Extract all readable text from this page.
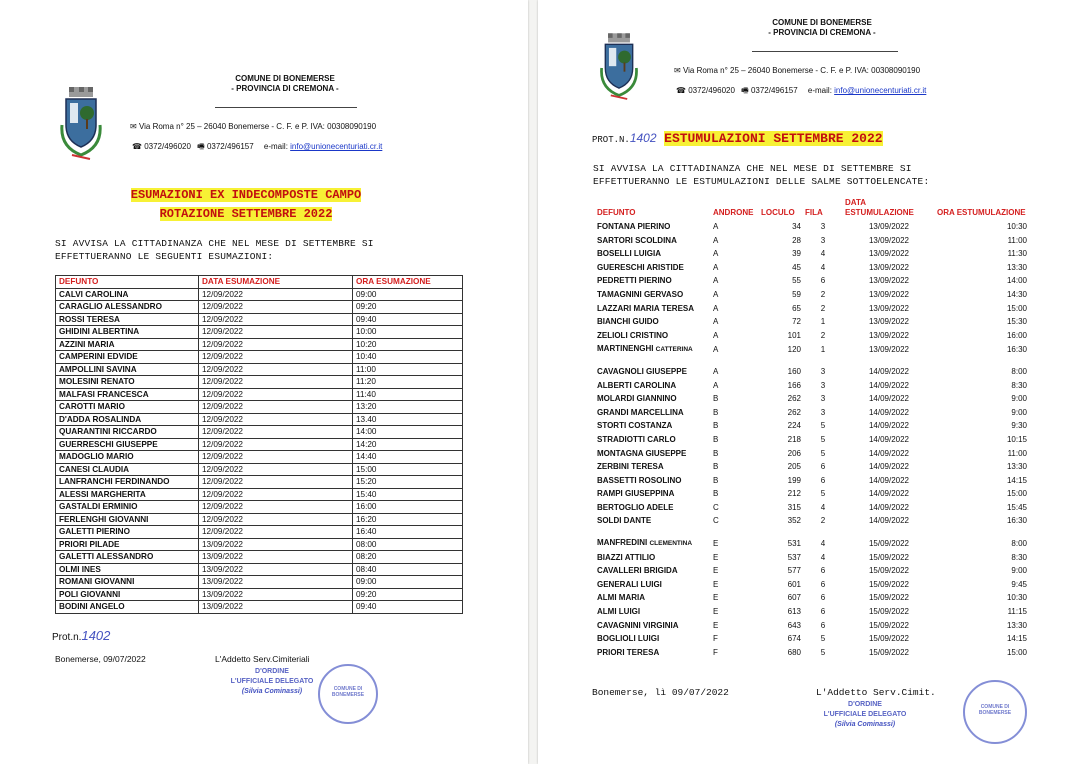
COMUNE DI BONEMERSE
- PROVINCIA DI CREMONA -
✉ Via Roma n° 25 – 26040 Bonemerse - C. F. e P. IVA: 00308090190
☎ 0372/496020 🖷 0372/496157 e-mail: info@unionecenturiati.cr.it
ESUMAZIONI EX INDECOMPOSTE CAMPO
ROTAZIONE SETTEMBRE 2022
SI AVVISA LA CITTADINANZA CHE NEL MESE DI SETTEMBRE SI
EFFETTUERANNO LE SEGUENTI ESUMAZIONI:
Prot.n.1402
Bonemerse, 09/07/2022	L'Addetto Serv.Cimiteriali
D'ORDINE
L'UFFICIALE DELEGATO
(Silvia Cominassi)	COMUNE DI BONEMERSE
DEFUNTO	DATA ESUMAZIONE	ORA ESUMAZIONE
CALVI CAROLINA	12/09/2022	09:00
CARAGLIO ALESSANDRO	12/09/2022	09:20
ROSSI TERESA	12/09/2022	09:40
GHIDINI ALBERTINA	12/09/2022	10:00
AZZINI MARIA	12/09/2022	10:20
CAMPERINI EDVIDE	12/09/2022	10:40
AMPOLLINI SAVINA	12/09/2022	11:00
MOLESINI RENATO	12/09/2022	11:20
MALFASI FRANCESCA	12/09/2022	11:40
CAROTTI MARIO	12/09/2022	13:20
D'ADDA ROSALINDA	12/09/2022	13.40
QUARANTINI RICCARDO	12/09/2022	14:00
GUERRESCHI GIUSEPPE	12/09/2022	14:20
MADOGLIO MARIO	12/09/2022	14:40
CANESI CLAUDIA	12/09/2022	15:00
LANFRANCHI FERDINANDO	12/09/2022	15:20
ALESSI MARGHERITA	12/09/2022	15:40
GASTALDI ERMINIO	12/09/2022	16:00
FERLENGHI GIOVANNI	12/09/2022	16:20
GALETTI PIERINO	12/09/2022	16:40
PRIORI PILADE	13/09/2022	08:00
GALETTI ALESSANDRO	13/09/2022	08:20
OLMI INES	13/09/2022	08:40
ROMANI GIOVANNI	13/09/2022	09:00
POLI GIOVANNI	13/09/2022	09:20
BODINI ANGELO	13/09/2022	09:40
COMUNE DI BONEMERSE
- PROVINCIA DI CREMONA -
✉ Via Roma n° 25 – 26040 Bonemerse - C. F. e P. IVA: 00308090190
☎ 0372/496020 🖷 0372/496157 e-mail: info@unionecenturiati.cr.it
PROT.N.1402 ESTUMULAZIONI SETTEMBRE 2022
SI AVVISA LA CITTADINANZA CHE NEL MESE DI SETTEMBRE SI
EFFETTUERANNO LE ESTUMULAZIONI DELLE SALME SOTTOELENCATE:
Bonemerse, lì 09/07/2022	L'Addetto Serv.Cimit.
D'ORDINE
L'UFFICIALE DELEGATO
(Silvia Cominassi)
COMUNE DI BONEMERSE
DEFUNTO	ANDRONE	LOCULO	FILA	DATA ESTUMULAZIONE	ORA ESTUMULAZIONE
FONTANA PIERINO	A	34	3	13/09/2022	10:30
SARTORI SCOLDINA	A	28	3	13/09/2022	11:00
BOSELLI LUIGIA	A	39	4	13/09/2022	11:30
GUERESCHI ARISTIDE	A	45	4	13/09/2022	13:30
PEDRETTI PIERINO	A	55	6	13/09/2022	14:00
TAMAGNINI GERVASO	A	59	2	13/09/2022	14:30
LAZZARI MARIA TERESA	A	65	2	13/09/2022	15:00
BIANCHI GUIDO	A	72	1	13/09/2022	15:30
ZELIOLI CRISTINO	A	101	2	13/09/2022	16:00
MARTINENGHI CATTERINA	A	120	1	13/09/2022	16:30

CAVAGNOLI GIUSEPPE	A	160	3	14/09/2022	8:00
ALBERTI CAROLINA	A	166	3	14/09/2022	8:30
MOLARDI GIANNINO	B	262	3	14/09/2022	9:00
GRANDI MARCELLINA	B	262	3	14/09/2022	9:00
STORTI COSTANZA	B	224	5	14/09/2022	9:30
STRADIOTTI CARLO	B	218	5	14/09/2022	10:15
MONTAGNA GIUSEPPE	B	206	5	14/09/2022	11:00
ZERBINI TERESA	B	205	6	14/09/2022	13:30
BASSETTI ROSOLINO	B	199	6	14/09/2022	14:15
RAMPI GIUSEPPINA	B	212	5	14/09/2022	15:00
BERTOGLIO ADELE	C	315	4	14/09/2022	15:45
SOLDI DANTE	C	352	2	14/09/2022	16:30

MANFREDINI CLEMENTINA	E	531	4	15/09/2022	8:00
BIAZZI ATTILIO	E	537	4	15/09/2022	8:30
CAVALLERI BRIGIDA	E	577	6	15/09/2022	9:00
GENERALI LUIGI	E	601	6	15/09/2022	9:45
ALMI MARIA	E	607	6	15/09/2022	10:30
ALMI LUIGI	E	613	6	15/09/2022	11:15
CAVAGNINI VIRGINIA	E	643	6	15/09/2022	13:30
BOGLIOLI LUIGI	F	674	5	15/09/2022	14:15
PRIORI TERESA	F	680	5	15/09/2022	15:00
